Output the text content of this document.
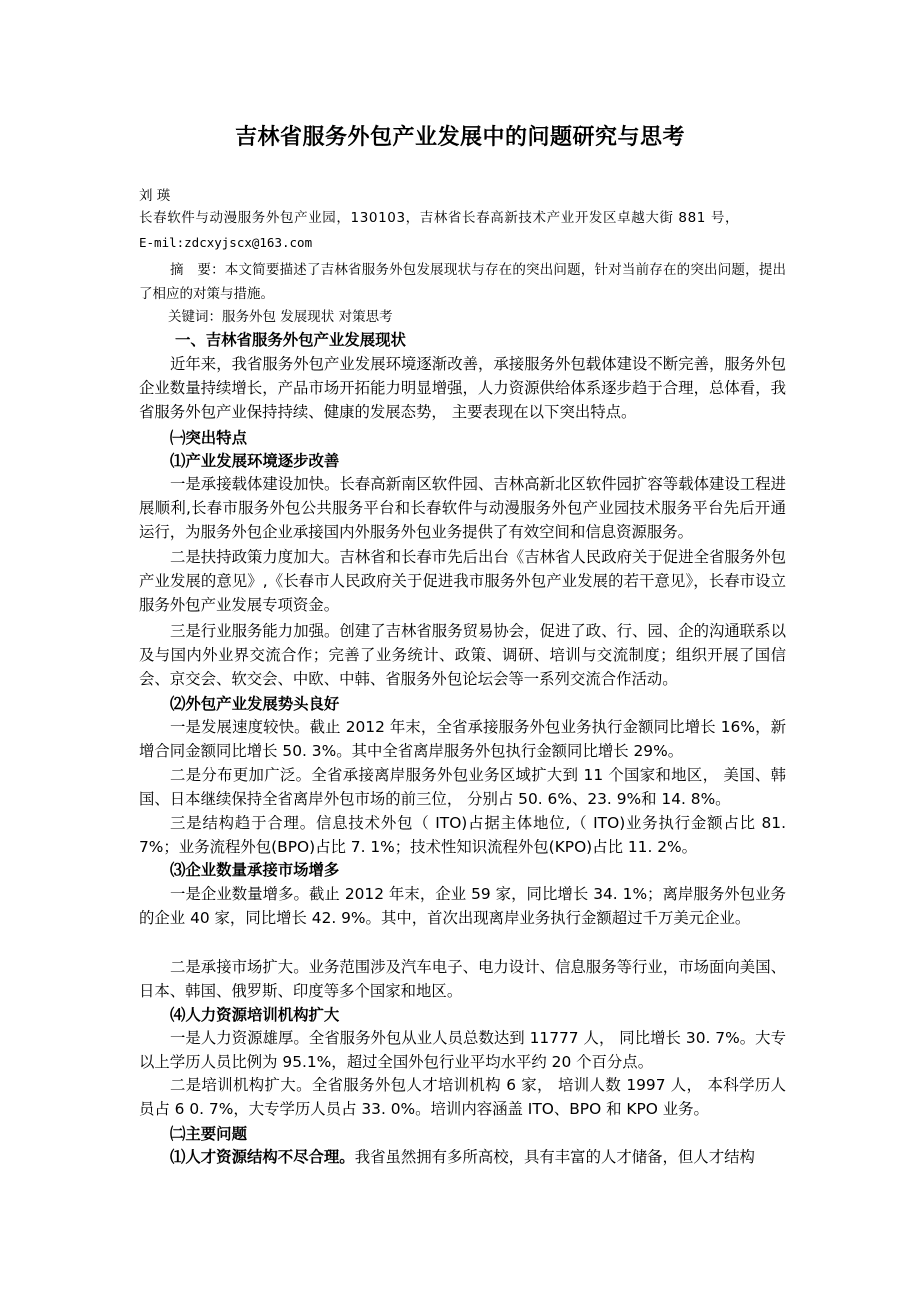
吉林省服务外包产业发展中的问题研究与思考
刘 瑛
长春软件与动漫服务外包产业园，130103，吉林省长春高新技术产业开发区卓越大街 881 号，
E-mil:zdcxyjscx@163.com
摘　要：本文简要描述了吉林省服务外包发展现状与存在的突出问题，针对当前存在的突出问题，提出了相应的对策与措施。
关键词：服务外包 发展现状 对策思考
一、吉林省服务外包产业发展现状
近年来，我省服务外包产业发展环境逐渐改善，承接服务外包载体建设不断完善，服务外包企业数量持续增长，产品市场开拓能力明显增强，人力资源供给体系逐步趋于合理，总体看，我省服务外包产业保持持续、健康的发展态势， 主要表现在以下突出特点。
㈠突出特点
⑴产业发展环境逐步改善
一是承接载体建设加快。长春高新南区软件园、吉林高新北区软件园扩容等载体建设工程进展顺利,长春市服务外包公共服务平台和长春软件与动漫服务外包产业园技术服务平台先后开通运行，为服务外包企业承接国内外服务外包业务提供了有效空间和信息资源服务。
二是扶持政策力度加大。吉林省和长春市先后出台《吉林省人民政府关于促进全省服务外包产业发展的意见》,《长春市人民政府关于促进我市服务外包产业发展的若干意见》，长春市设立服务外包产业发展专项资金。
三是行业服务能力加强。创建了吉林省服务贸易协会，促进了政、行、园、企的沟通联系以及与国内外业界交流合作；完善了业务统计、政策、调研、培训与交流制度；组织开展了国信会、京交会、软交会、中欧、中韩、省服务外包论坛会等一系列交流合作活动。
⑵外包产业发展势头良好
一是发展速度较快。截止 2012 年末，全省承接服务外包业务执行金额同比增长 16%，新增合同金额同比增长 50. 3%。其中全省离岸服务外包执行金额同比增长 29%。
二是分布更加广泛。全省承接离岸服务外包业务区域扩大到 11 个国家和地区， 美国、韩国、日本继续保持全省离岸外包市场的前三位， 分别占 50. 6%、23. 9%和 14. 8%。
三是结构趋于合理。信息技术外包（ ITO)占据主体地位,（ ITO)业务执行金额占比 81. 7%；业务流程外包(BPO)占比 7. 1%；技术性知识流程外包(KPO)占比 11. 2%。
⑶企业数量承接市场增多
一是企业数量增多。截止 2012 年末，企业 59 家，同比增长 34. 1%；离岸服务外包业务的企业 40 家，同比增长 42. 9%。其中，首次出现离岸业务执行金额超过千万美元企业。
二是承接市场扩大。业务范围涉及汽车电子、电力设计、信息服务等行业，市场面向美国、日本、韩国、俄罗斯、印度等多个国家和地区。
⑷人力资源培训机构扩大
一是人力资源雄厚。全省服务外包从业人员总数达到 11777 人， 同比增长 30. 7%。大专以上学历人员比例为 95.1%，超过全国外包行业平均水平约 20 个百分点。
二是培训机构扩大。全省服务外包人才培训机构 6 家， 培训人数 1997 人， 本科学历人员占 6 0. 7%，大专学历人员占 33. 0%。培训内容涵盖 ITO、BPO 和 KPO 业务。
㈡主要问题
⑴人才资源结构不尽合理。我省虽然拥有多所高校，具有丰富的人才储备，但人才结构
